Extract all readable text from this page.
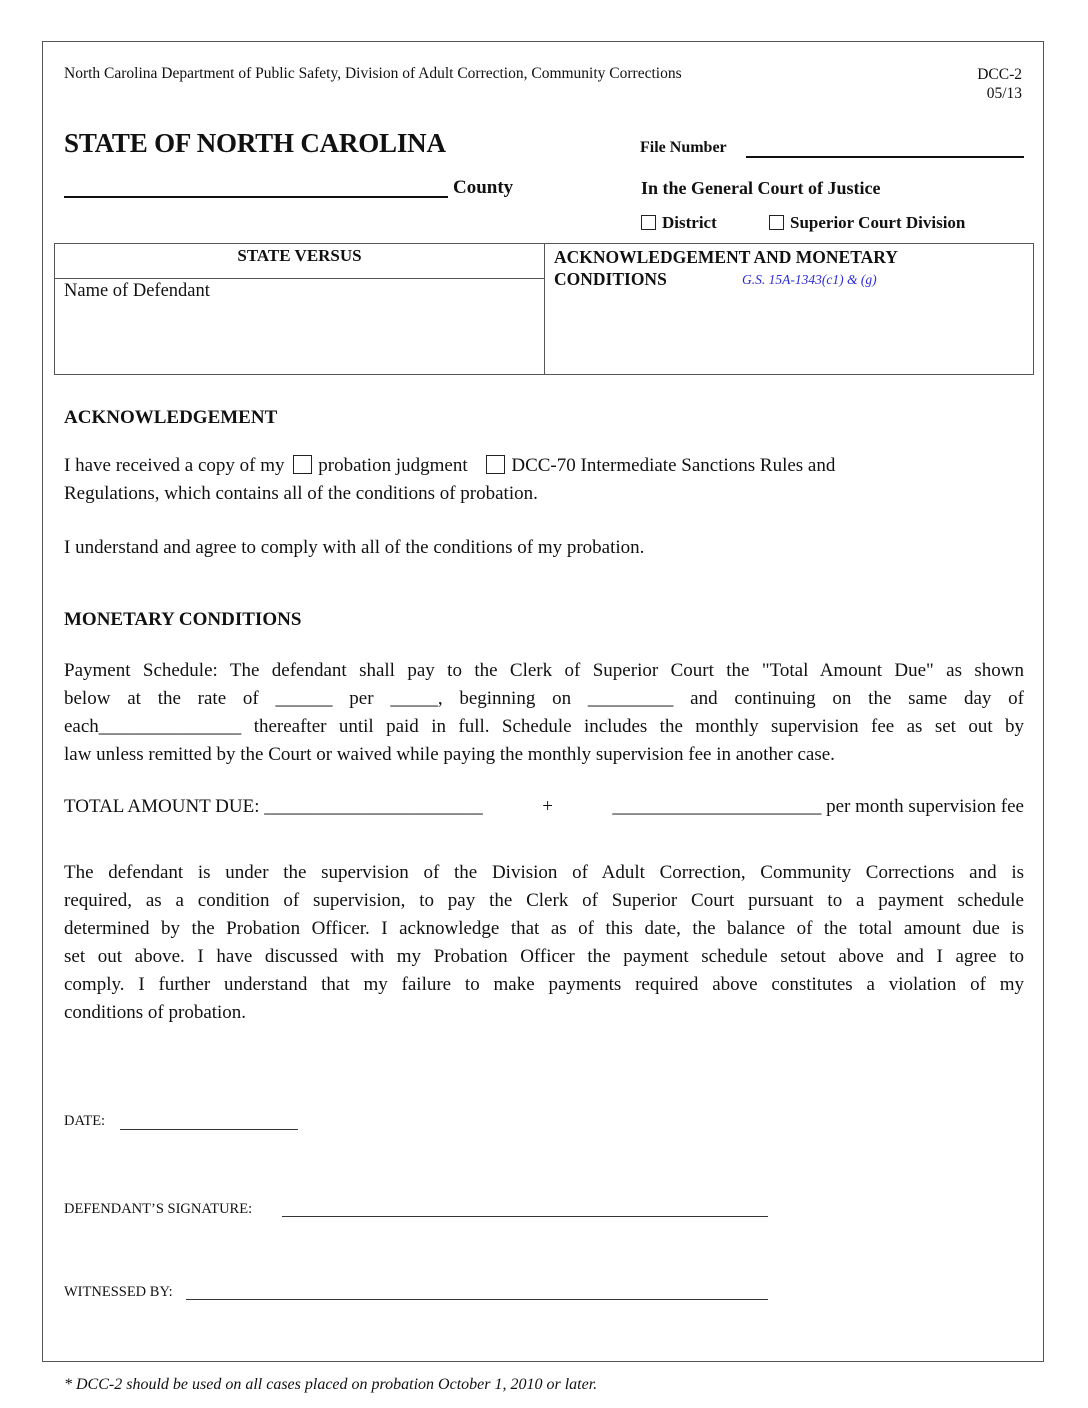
North Carolina Department of Public Safety, Division of Adult Correction, Community Corrections	DCC-2
05/13
STATE OF NORTH CAROLINA	File Number
County	In the General Court of Justice
District	Superior Court Division
STATE VERSUS
Name of Defendant
ACKNOWLEDGEMENT AND MONETARY
CONDITIONS	G.S. 15A-1343(c1) & (g)
ACKNOWLEDGEMENT
I have received a copy of my probation judgment DCC-70 Intermediate Sanctions Rules and
Regulations, which contains all of the conditions of probation.
I understand and agree to comply with all of the conditions of my probation.
MONETARY CONDITIONS
Payment Schedule: The defendant shall pay to the Clerk of Superior Court the "Total Amount Due" as shown
below at the rate of ______ per _____, beginning on _________ and continuing on the same day of
each_______________ thereafter until paid in full. Schedule includes the monthly supervision fee as set out by
law unless remitted by the Court or waived while paying the monthly supervision fee in another case.
TOTAL AMOUNT DUE: _______________________	+	______________________ per month supervision fee
The defendant is under the supervision of the Division of Adult Correction, Community Corrections and is
required, as a condition of supervision, to pay the Clerk of Superior Court pursuant to a payment schedule
determined by the Probation Officer. I acknowledge that as of this date, the balance of the total amount due is
set out above. I have discussed with my Probation Officer the payment schedule setout above and I agree to
comply. I further understand that my failure to make payments required above constitutes a violation of my
conditions of probation.
DATE:
DEFENDANT’S SIGNATURE:
WITNESSED BY:
* DCC-2 should be used on all cases placed on probation October 1, 2010 or later.
